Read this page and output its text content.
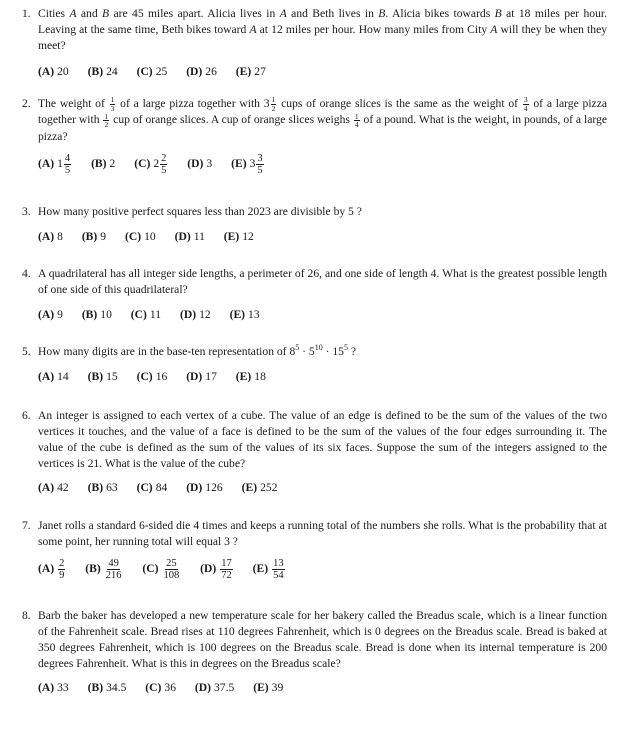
1. Cities A and B are 45 miles apart. Alicia lives in A and Beth lives in B. Alicia bikes towards B at 18 miles per hour. Leaving at the same time, Beth bikes toward A at 12 miles per hour. How many miles from City A will they be when they meet?
(A) 20 (B) 24 (C) 25 (D) 26 (E) 27
2. The weight of $\frac{1}{3}$ of a large pizza together with $3 \frac{1}{2}$ cups of orange slices is the same as the weight of $\frac{3}{4}$ of a large pizza together with $\frac{1}{2}$ cup of orange slices. A cup of orange slices weighs $\frac{1}{4}$ of a pound. What is the weight, in pounds, of a large pizza?
(A) $1 \frac{4}{5} (B)$ 2 (C) $2 \frac{2}{5} (D)$ 3 (E) $3 \frac{3}{5}$
3. How many positive perfect squares less than 2023 are divisible by 5 ?
(A) 8 (B) 9 (C) 10 (D) 11 (E) 12
4. A quadrilateral has all integer side lengths, a perimeter of 26, and one side of length 4. What is the greatest possible length of one side of this quadrilateral?
(A) 9 (B) 10 (C) 11 (D) 12 (E) 13
5. How many digits are in the base-ten representation of $8^5 \cdot 5^{10} \cdot 15^5$ ?
(A) 14 (B) 15 (C) 16 (D) 17 (E) 18
6. An integer is assigned to each vertex of a cube. The value of an edge is defined to be the sum of the values of the two vertices it touches, and the value of a face is defined to be the sum of the values of the four edges surrounding it. The value of the cube is defined as the sum of the values of its six faces. Suppose the sum of the integers assigned to the vertices is 21. What is the value of the cube?
(A) 42 (B) 63 (C) 84 (D) 126 (E) 252
7. Janet rolls a standard 6-sided die 4 times and keeps a running total of the numbers she rolls. What is the probability that at some point, her running total will equal 3 ?
$(A) \frac{2}{9} (B) \frac{49}{216} (C) \frac{25}{108} (D) \frac{17}{72} (E) \frac{13}{54}$
8. Barb the baker has developed a new temperature scale for her bakery called the Breadus scale, which is a linear function of the Fahrenheit scale. Bread rises at 110 degrees Fahrenheit, which is 0 degrees on the Breadus scale. Bread is baked at 350 degrees Fahrenheit, which is 100 degrees on the Breadus scale. Bread is done when its internal temperature is 200 degrees Fahrenheit. What is this in degrees on the Breadus scale?
(A) 33 (B) 34.5 (C) 36 (D) 37.5 (E) 39
